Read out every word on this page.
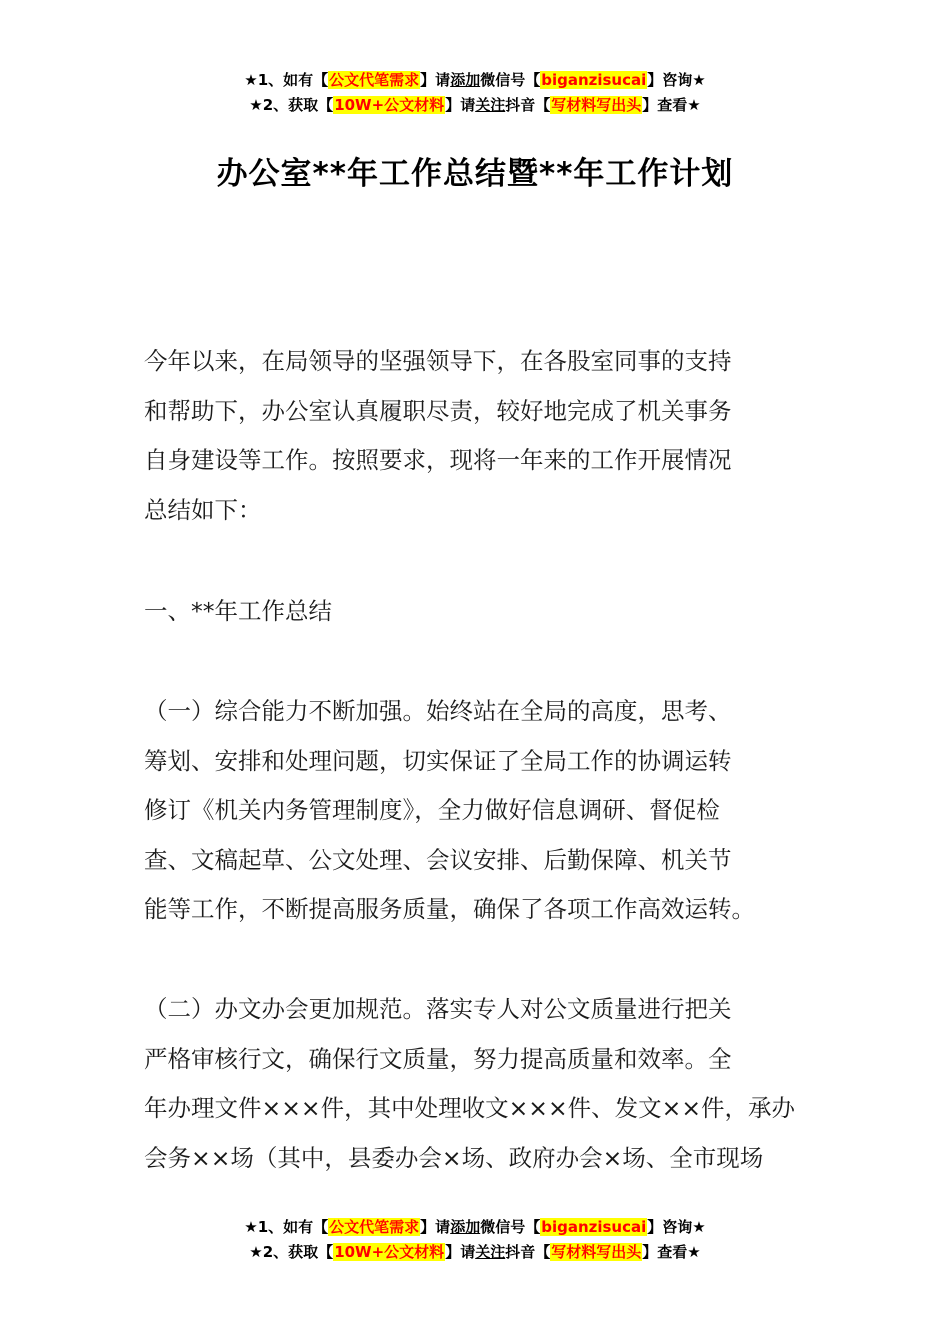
★1、如有【公文代笔需求】请添加微信号【biganzisucai】咨询★
★2、获取【10W+公文材料】请关注抖音【写材料写出头】查看★
办公室**年工作总结暨**年工作计划
今年以来，在局领导的坚强领导下，在各股室同事的支持
和帮助下，办公室认真履职尽责，较好地完成了机关事务
自身建设等工作。按照要求，现将一年来的工作开展情况
总结如下：
一、**年工作总结
（一）综合能力不断加强。始终站在全局的高度，思考、
筹划、安排和处理问题，切实保证了全局工作的协调运转
修订《机关内务管理制度》，全力做好信息调研、督促检
查、文稿起草、公文处理、会议安排、后勤保障、机关节
能等工作，不断提高服务质量，确保了各项工作高效运转。
（二）办文办会更加规范。落实专人对公文质量进行把关
严格审核行文，确保行文质量，努力提高质量和效率。全
年办理文件×××件，其中处理收文×××件、发文××件，承办
会务××场（其中，县委办会×场、政府办会×场、全市现场
★1、如有【公文代笔需求】请添加微信号【biganzisucai】咨询★
★2、获取【10W+公文材料】请关注抖音【写材料写出头】查看★
